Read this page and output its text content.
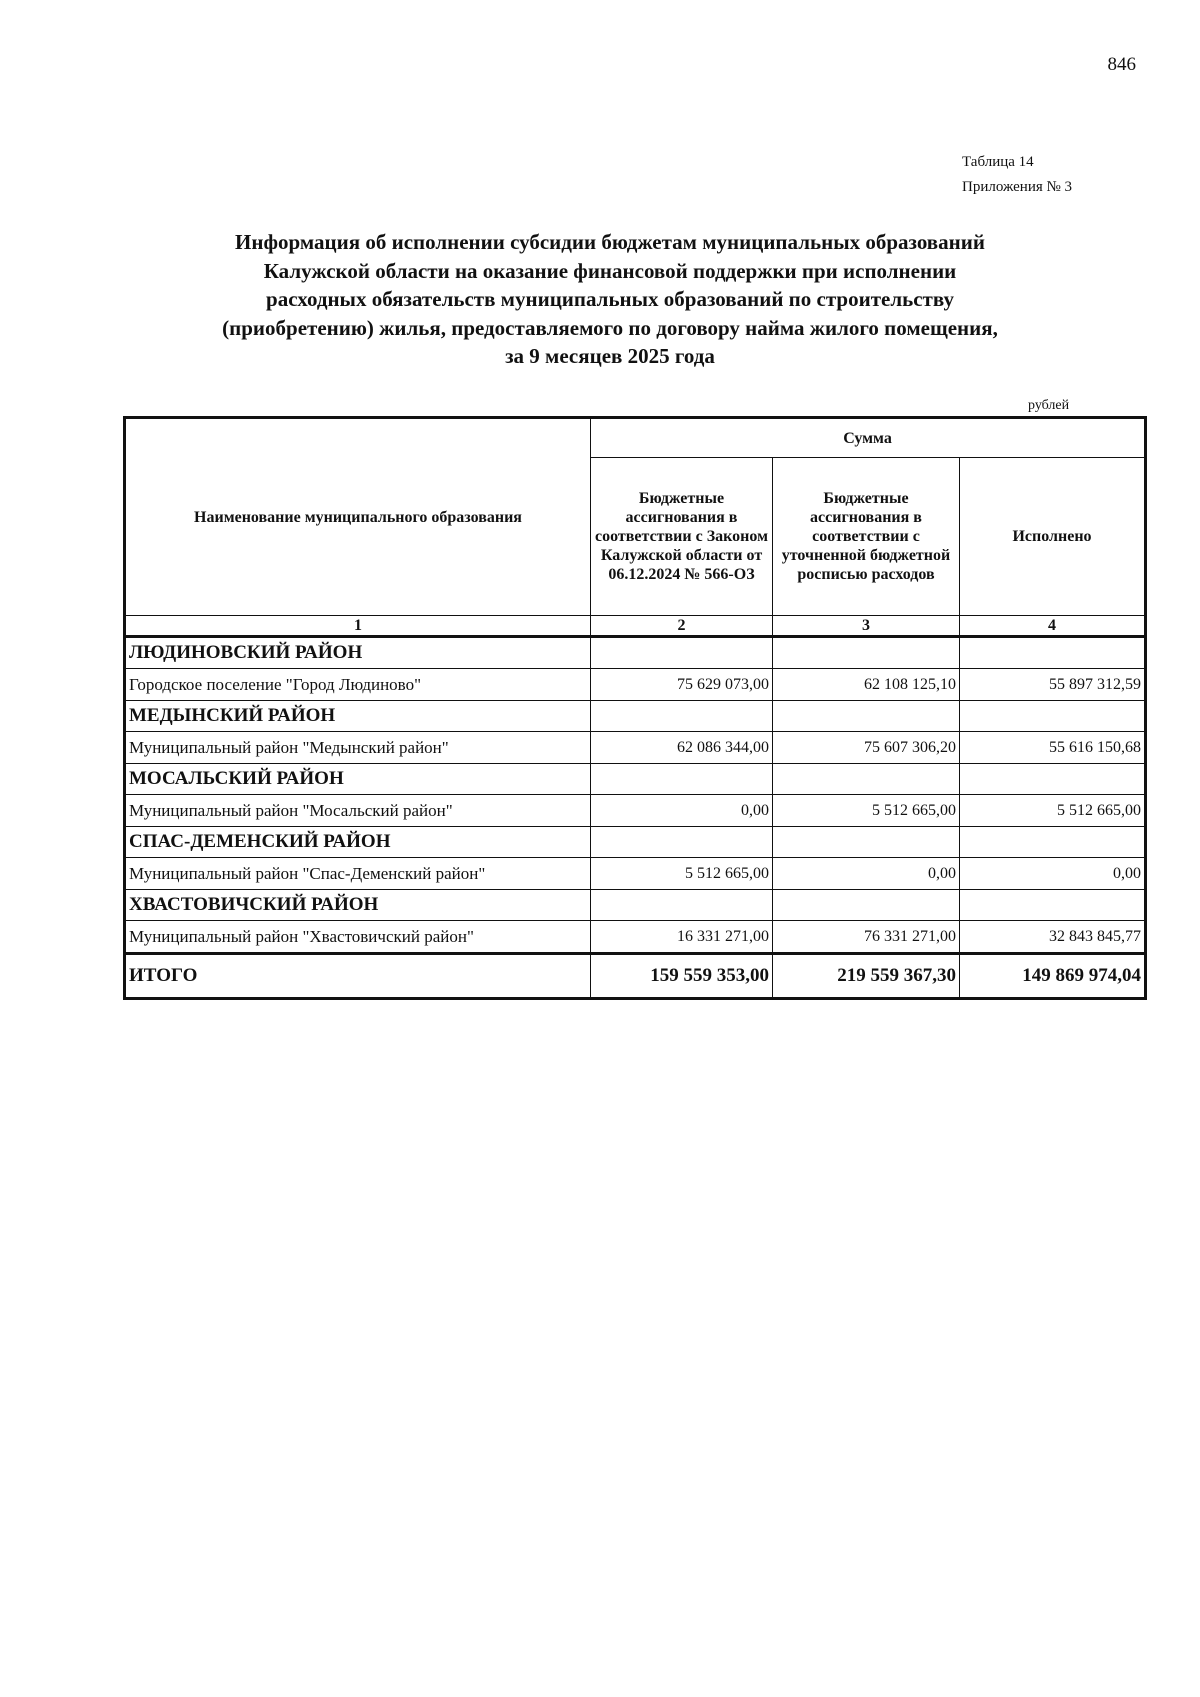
846
Таблица 14
Приложения № 3
Информация об исполнении субсидии бюджетам муниципальных образований
Калужской области на оказание финансовой поддержки при исполнении
расходных обязательств муниципальных образований по строительству
(приобретению) жилья, предоставляемого по договору найма жилого помещения,
за 9 месяцев 2025 года
рублей
Наименование муниципального образования	Сумма		
	Бюджетные ассигнования в соответствии с Законом Калужской области от 06.12.2024 № 566-ОЗ	Бюджетные ассигнования в соответствии с уточненной бюджетной росписью расходов	Исполнено
1	2	3	4
ЛЮДИНОВСКИЙ РАЙОН			
Городское поселение "Город Людиново"	75 629 073,00	62 108 125,10	55 897 312,59
МЕДЫНСКИЙ РАЙОН			
Муниципальный район "Медынский район"	62 086 344,00	75 607 306,20	55 616 150,68
МОСАЛЬСКИЙ РАЙОН			
Муниципальный район "Мосальский район"	0,00	5 512 665,00	5 512 665,00
СПАС-ДЕМЕНСКИЙ РАЙОН			
Муниципальный район "Спас-Деменский район"	5 512 665,00	0,00	0,00
ХВАСТОВИЧСКИЙ РАЙОН			
Муниципальный район "Хвастовичский район"	16 331 271,00	76 331 271,00	32 843 845,77
ИТОГО	159 559 353,00	219 559 367,30	149 869 974,04
